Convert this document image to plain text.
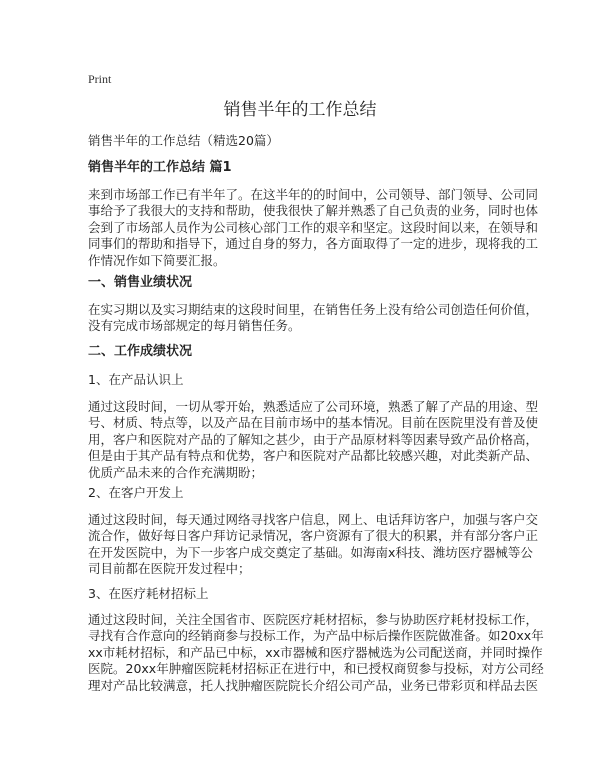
Print
销售半年的工作总结
销售半年的工作总结（精选20篇）
销售半年的工作总结 篇1
来到市场部工作已有半年了。在这半年的的时间中，公司领导、部门领导、公司同
事给予了我很大的支持和帮助，使我很快了解并熟悉了自己负责的业务，同时也体
会到了市场部人员作为公司核心部门工作的艰辛和坚定。这段时间以来，在领导和
同事们的帮助和指导下，通过自身的努力，各方面取得了一定的进步，现将我的工
作情况作如下简要汇报。
一、销售业绩状况
在实习期以及实习期结束的这段时间里，在销售任务上没有给公司创造任何价值，
没有完成市场部规定的每月销售任务。
二、工作成绩状况
1、在产品认识上
通过这段时间，一切从零开始，熟悉适应了公司环境，熟悉了解了产品的用途、型
号、材质、特点等，以及产品在目前市场中的基本情况。目前在医院里没有普及使
用，客户和医院对产品的了解知之甚少，由于产品原材料等因素导致产品价格高，
但是由于其产品有特点和优势，客户和医院对产品都比较感兴趣，对此类新产品、
优质产品未来的合作充满期盼；
2、在客户开发上
通过这段时间，每天通过网络寻找客户信息，网上、电话拜访客户，加强与客户交
流合作，做好每日客户拜访记录情况，客户资源有了很大的积累，并有部分客户正
在开发医院中，为下一步客户成交奠定了基础。如海南x科技、潍坊医疗器械等公
司目前都在医院开发过程中；
3、在医疗耗材招标上
通过这段时间，关注全国省市、医院医疗耗材招标，参与协助医疗耗材投标工作，
寻找有合作意向的经销商参与投标工作，为产品中标后操作医院做准备。如20xx年
xx市耗材招标，和产品已中标，xx市器械和医疗器械选为公司配送商，并同时操作
医院。20xx年肿瘤医院耗材招标正在进行中，和已授权商贸参与投标，对方公司经
理对产品比较满意，托人找肿瘤医院院长介绍公司产品，业务已带彩页和样品去医
